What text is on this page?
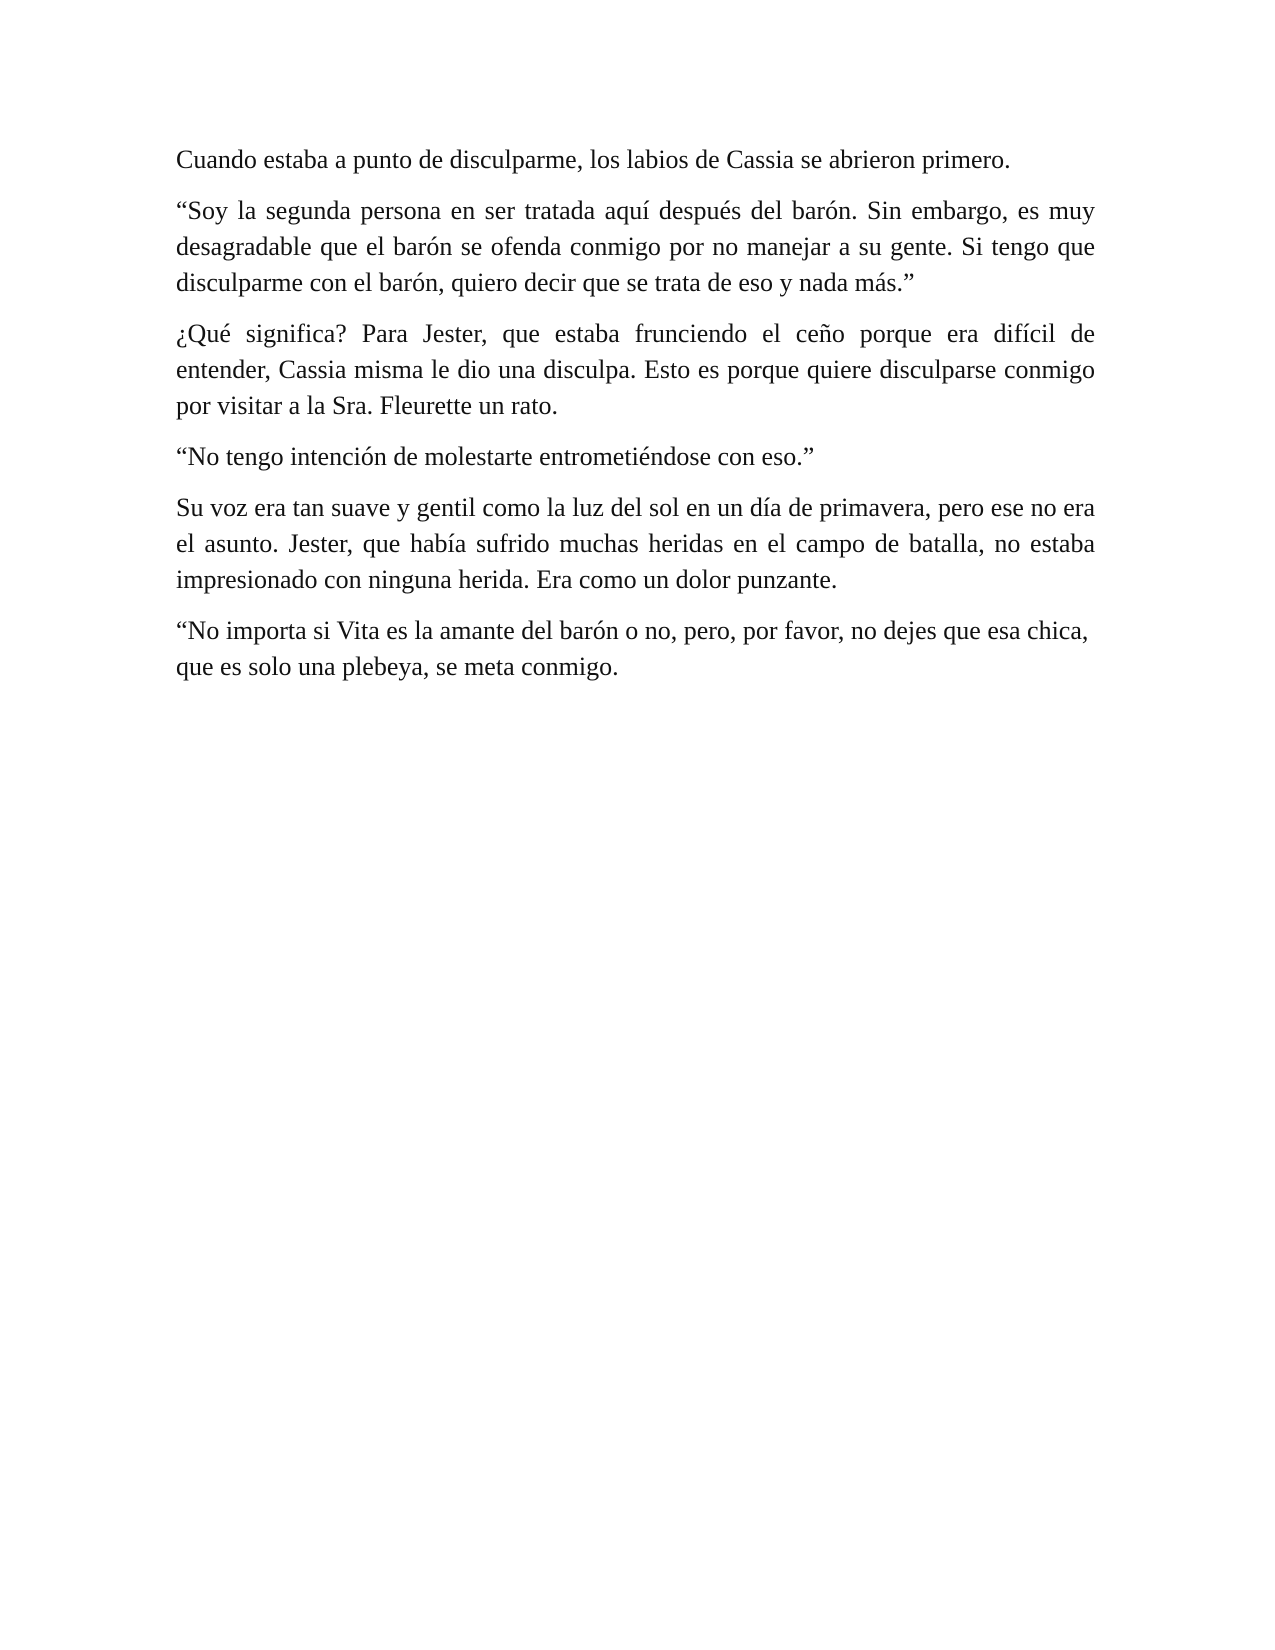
Cuando estaba a punto de disculparme, los labios de Cassia se abrieron primero.

“Soy la segunda persona en ser tratada aquí después del barón. Sin embargo, es muy desagradable que el barón se ofenda conmigo por no manejar a su gente. Si tengo que disculparme con el barón, quiero decir que se trata de eso y nada más.”

¿Qué significa? Para Jester, que estaba frunciendo el ceño porque era difícil de entender, Cassia misma le dio una disculpa. Esto es porque quiere disculparse conmigo por visitar a la Sra. Fleurette un rato.

“No tengo intención de molestarte entrometiéndose con eso.”

Su voz era tan suave y gentil como la luz del sol en un día de primavera, pero ese no era el asunto. Jester, que había sufrido muchas heridas en el campo de batalla, no estaba impresionado con ninguna herida. Era como un dolor punzante.

“No importa si Vita es la amante del barón o no, pero, por favor, no dejes que esa chica, que es solo una plebeya, se meta conmigo.
